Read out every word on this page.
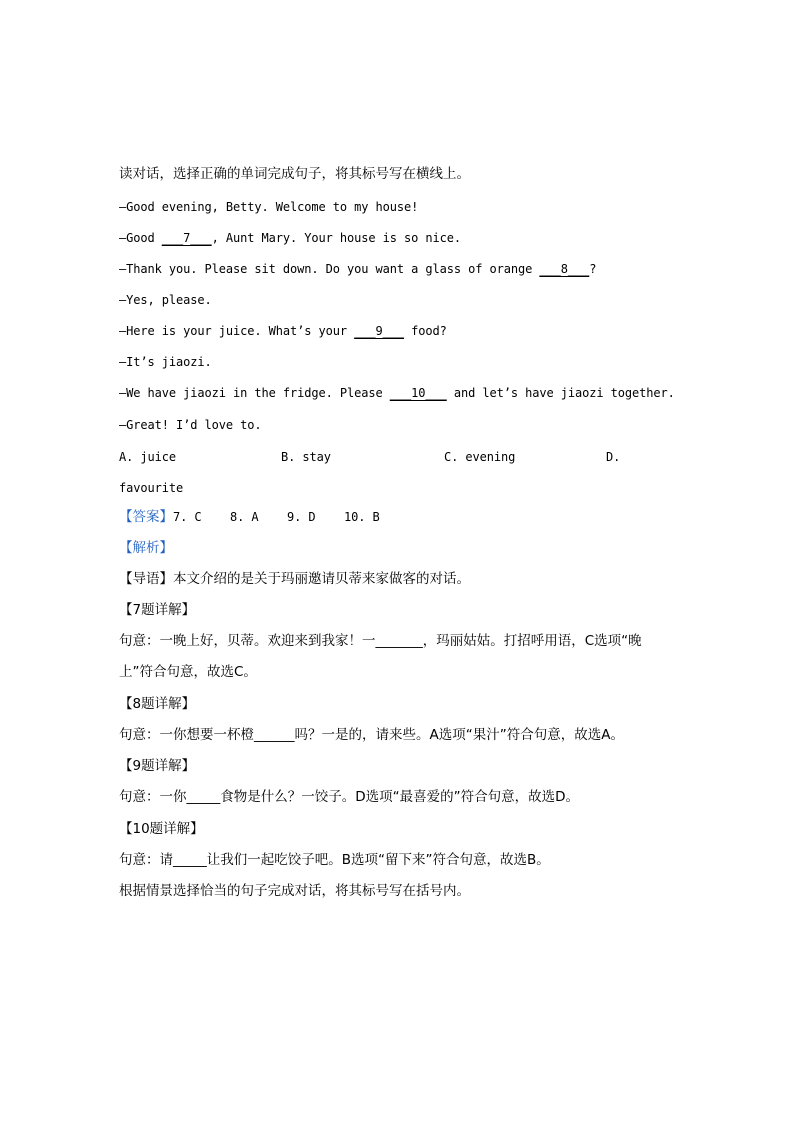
读对话，选择正确的单词完成句子，将其标号写在横线上。
—Good evening, Betty. Welcome to my house!
—Good ___7___, Aunt Mary. Your house is so nice.
—Thank you. Please sit down. Do you want a glass of orange ___8___?
—Yes, please.
—Here is your juice. What’s your ___9___ food?
—It’s jiaozi.
—We have jiaozi in the fridge. Please ___10___ and let’s have jiaozi together.
—Great! I’d love to.
A. juice	B. stay	C. evening	D.
favourite
【答案】7. C    8. A    9. D    10. B
【解析】
【导语】本文介绍的是关于玛丽邀请贝蒂来家做客的对话。
【7题详解】
句意：一晚上好，贝蒂。欢迎来到我家！一_______，玛丽姑姑。打招呼用语，C选项“晚
上”符合句意，故选C。
【8题详解】
句意：一你想要一杯橙______吗？一是的，请来些。A选项“果汁”符合句意，故选A。
【9题详解】
句意：一你_____食物是什么？一饺子。D选项“最喜爱的”符合句意，故选D。
【10题详解】
句意：请_____让我们一起吃饺子吧。B选项“留下来”符合句意，故选B。
根据情景选择恰当的句子完成对话，将其标号写在括号内。
